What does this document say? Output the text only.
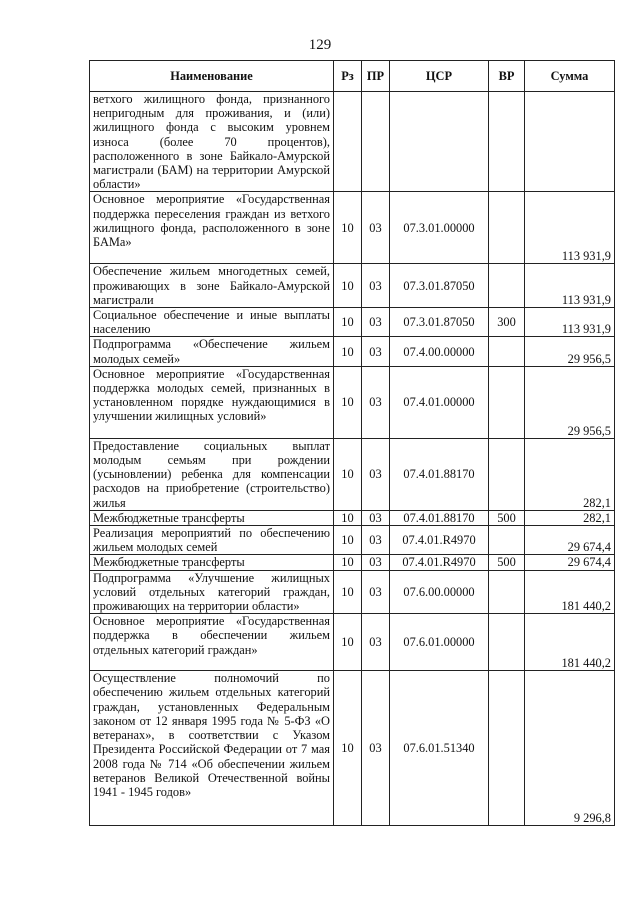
129
Наименование	Рз	ПР	ЦСР	ВР	Сумма
ветхого жилищного фонда, признанного непригодным для проживания, и (или) жилищного фонда с высоким уровнем износа (более 70 процентов), расположенного в зоне Байкало-Амурской магистрали (БАМ) на территории Амурской области»					
Основное мероприятие «Государственная поддержка переселения граждан из ветхого жилищного фонда, расположенного в зоне БАМа»	10	03	07.3.01.00000		113 931,9
Обеспечение жильем многодетных семей, проживающих в зоне Байкало-Амурской магистрали	10	03	07.3.01.87050		113 931,9
Социальное обеспечение и иные выплаты населению	10	03	07.3.01.87050	300	113 931,9
Подпрограмма «Обеспечение жильем молодых семей»	10	03	07.4.00.00000		29 956,5
Основное мероприятие «Государственная поддержка молодых семей, признанных в установленном порядке нуждающимися в улучшении жилищных условий»	10	03	07.4.01.00000		29 956,5
Предоставление социальных выплат молодым семьям при рождении (усыновлении) ребенка для компенсации расходов на приобретение (строительство) жилья	10	03	07.4.01.88170		282,1
Межбюджетные трансферты	10	03	07.4.01.88170	500	282,1
Реализация мероприятий по обеспечению жильем молодых семей	10	03	07.4.01.R4970		29 674,4
Межбюджетные трансферты	10	03	07.4.01.R4970	500	29 674,4
Подпрограмма «Улучшение жилищных условий отдельных категорий граждан, проживающих на территории области»	10	03	07.6.00.00000		181 440,2
Основное мероприятие «Государственная поддержка в обеспечении жильем отдельных категорий граждан»	10	03	07.6.01.00000		181 440,2
Осуществление полномочий по обеспечению жильем отдельных категорий граждан, установленных Федеральным законом от 12 января 1995 года № 5-ФЗ «О ветеранах», в соответствии с Указом Президента Российской Федерации от 7 мая 2008 года № 714 «Об обеспечении жильем ветеранов Великой Отечественной войны 1941 - 1945 годов»	10	03	07.6.01.51340		9 296,8
